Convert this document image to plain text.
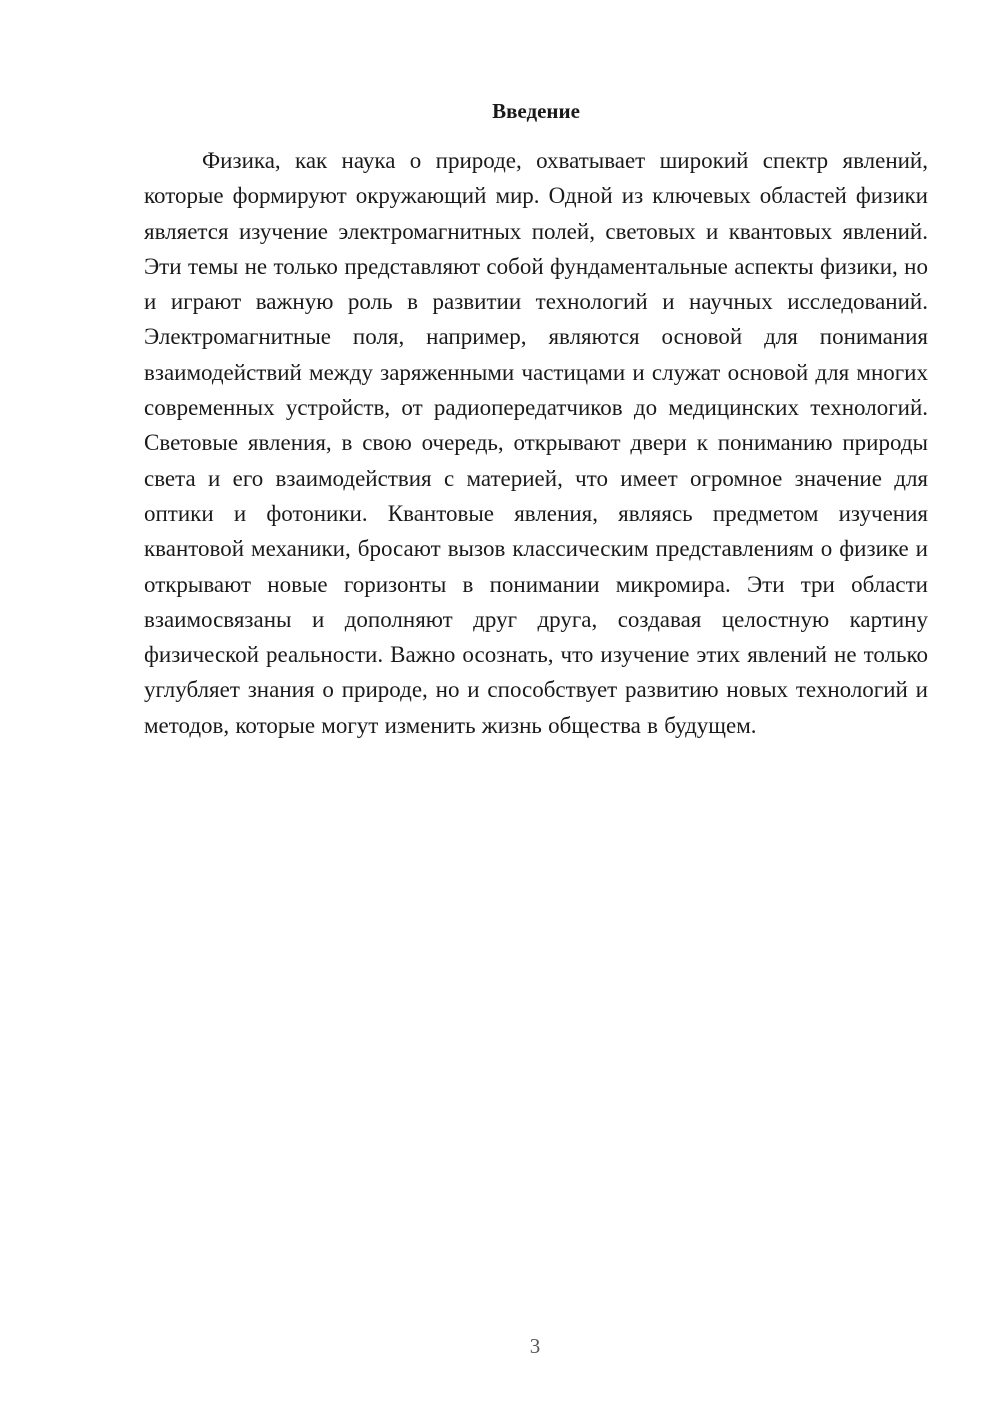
Введение

Физика, как наука о природе, охватывает широкий спектр явлений, которые формируют окружающий мир. Одной из ключевых областей физики является изучение электромагнитных полей, световых и квантовых явлений. Эти темы не только представляют собой фундаментальные аспекты физики, но и играют важную роль в развитии технологий и научных исследований. Электромагнитные поля, например, являются основой для понимания взаимодействий между заряженными частицами и служат основой для многих современных устройств, от радиопередатчиков до медицинских технологий. Световые явления, в свою очередь, открывают двери к пониманию природы света и его взаимодействия с материей, что имеет огромное значение для оптики и фотоники. Квантовые явления, являясь предметом изучения квантовой механики, бросают вызов классическим представлениям о физике и открывают новые горизонты в понимании микромира. Эти три области взаимосвязаны и дополняют друг друга, создавая целостную картину физической реальности. Важно осознать, что изучение этих явлений не только углубляет знания о природе, но и способствует развитию новых технологий и методов, которые могут изменить жизнь общества в будущем.

3
